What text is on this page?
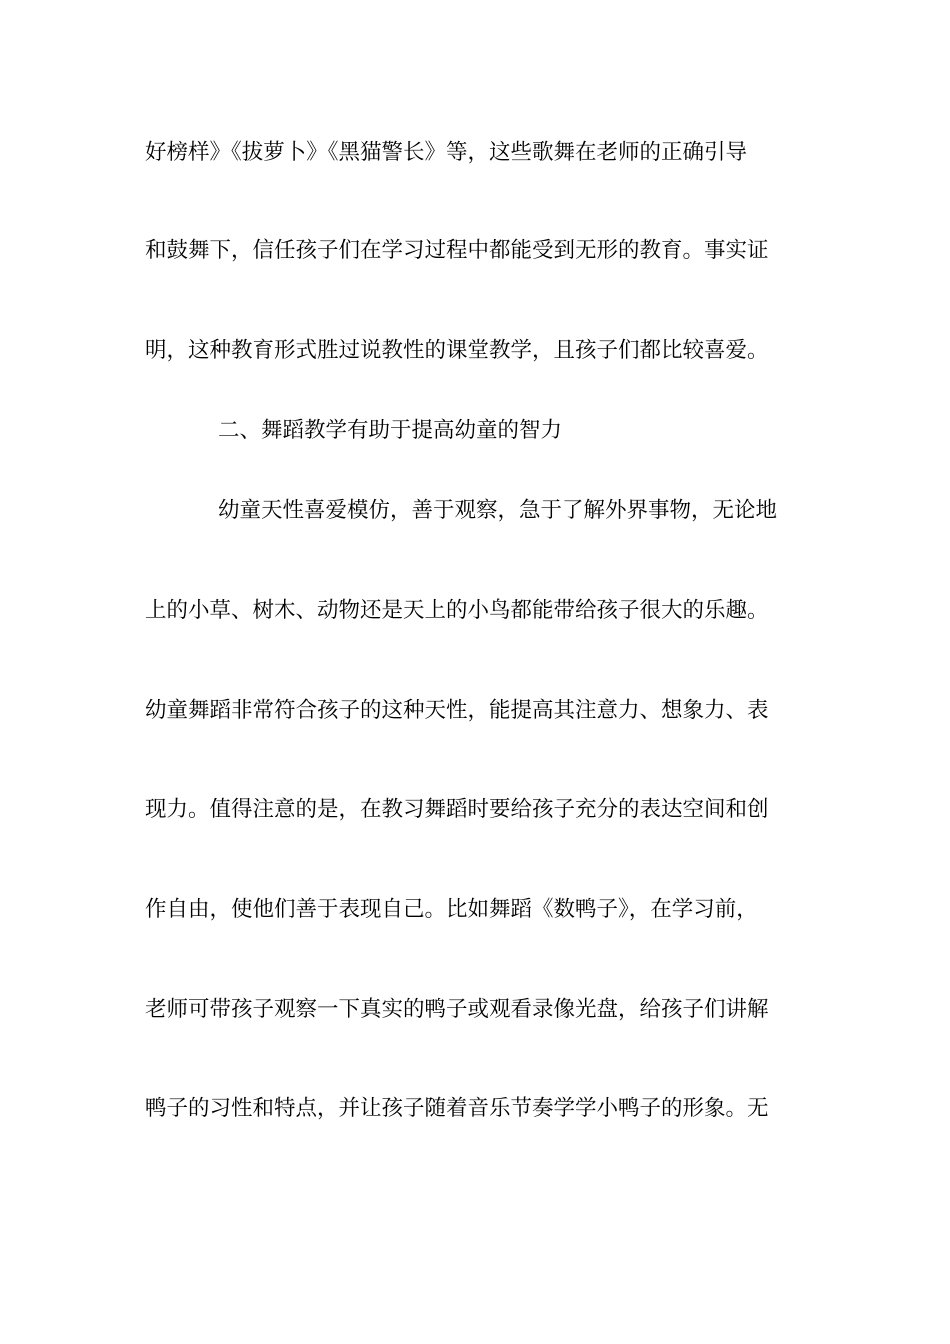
好榜样》《拔萝卜》《黑猫警长》等，这些歌舞在老师的正确引导
和鼓舞下，信任孩子们在学习过程中都能受到无形的教育。事实证
明，这种教育形式胜过说教性的课堂教学，且孩子们都比较喜爱。
二、舞蹈教学有助于提高幼童的智力
幼童天性喜爱模仿，善于观察，急于了解外界事物，无论地
上的小草、树木、动物还是天上的小鸟都能带给孩子很大的乐趣。
幼童舞蹈非常符合孩子的这种天性，能提高其注意力、想象力、表
现力。值得注意的是，在教习舞蹈时要给孩子充分的表达空间和创
作自由，使他们善于表现自己。比如舞蹈《数鸭子》，在学习前，
老师可带孩子观察一下真实的鸭子或观看录像光盘，给孩子们讲解
鸭子的习性和特点，并让孩子随着音乐节奏学学小鸭子的形象。无
